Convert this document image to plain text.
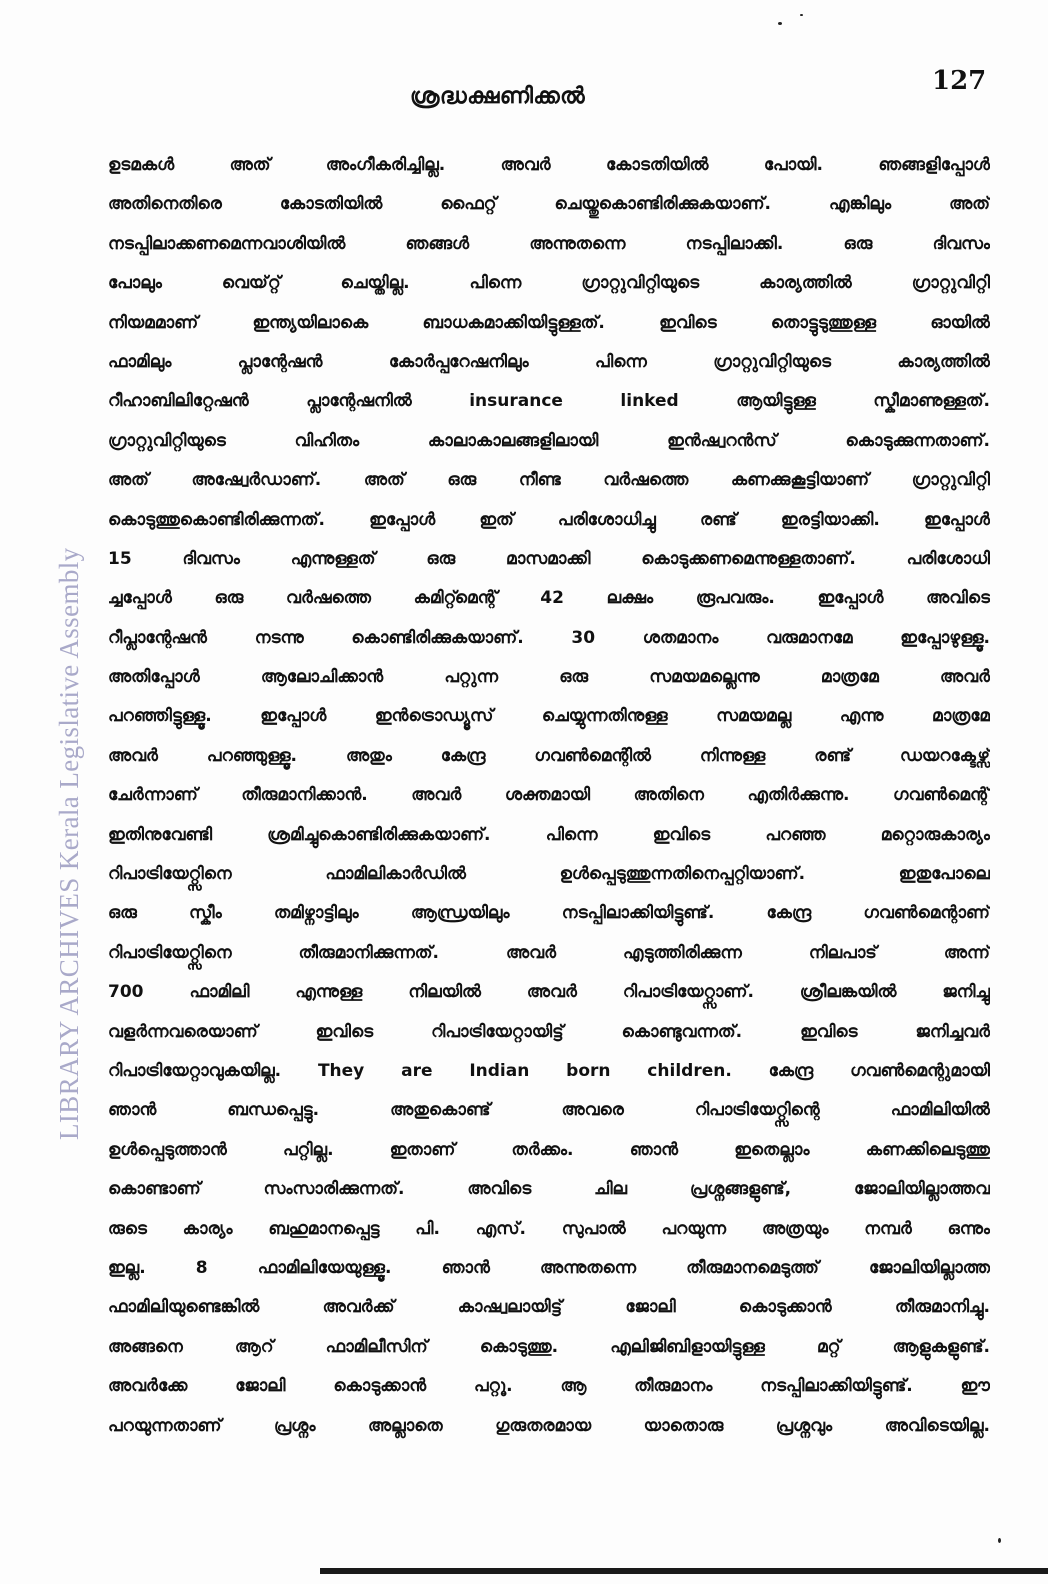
ശ്രദ്ധക്ഷണിക്കൽ
127
LIBRARY ARCHIVES Kerala Legislative Assembly
ഉടമകൾ അത് അംഗീകരിച്ചില്ല. അവർ കോടതിയിൽ പോയി. ഞങ്ങളിപ്പോൾ
അതിനെതിരെ കോടതിയിൽ ഫൈറ്റ് ചെയ്തുകൊണ്ടിരിക്കുകയാണ്. എങ്കിലും അത്
നടപ്പിലാക്കണമെന്നവാശിയിൽ ഞങ്ങൾ അന്നുതന്നെ നടപ്പിലാക്കി. ഒരു ദിവസം
പോലും വെയ്റ്റ് ചെയ്തില്ല. പിന്നെ ഗ്രാറ്റുവിറ്റിയുടെ കാര്യത്തിൽ ഗ്രാറ്റുവിറ്റി
നിയമമാണ് ഇന്ത്യയിലാകെ ബാധകമാക്കിയിട്ടുള്ളത്. ഇവിടെ തൊട്ടുടുത്തുള്ള ഓയിൽ
ഫാമിലും പ്ലാന്റേഷൻ കോർപ്പറേഷനിലും പിന്നെ ഗ്രാറ്റുവിറ്റിയുടെ കാര്യത്തിൽ
റീഹാബിലിറ്റേഷൻ പ്ലാന്റേഷനിൽ insurance linked ആയിട്ടുള്ള സ്കീമാണുള്ളത്.
ഗ്രാറ്റുവിറ്റിയുടെ വിഹിതം കാലാകാലങ്ങളിലായി ഇൻഷ്വറൻസ് കൊടുക്കുന്നതാണ്.
അത് അഷ്വേർഡാണ്. അത് ഒരു നീണ്ട വർഷത്തെ കണക്കുകൂട്ടിയാണ് ഗ്രാറ്റുവിറ്റി
കൊടുത്തുകൊണ്ടിരിക്കുന്നത്. ഇപ്പോൾ ഇത് പരിശോധിച്ചു രണ്ട് ഇരട്ടിയാക്കി. ഇപ്പോൾ
15 ദിവസം എന്നുള്ളത് ഒരു മാസമാക്കി കൊടുക്കണമെന്നുള്ളതാണ്. പരിശോധി
ച്ചപ്പോൾ ഒരു വർഷത്തെ കമിറ്റ്മെന്റ് 42 ലക്ഷം രൂപവരും. ഇപ്പോൾ അവിടെ
റീപ്ലാന്റേഷൻ നടന്നു കൊണ്ടിരിക്കുകയാണ്. 30 ശതമാനം വരുമാനമേ ഇപ്പോഴുള്ളൂ.
അതിപ്പോൾ ആലോചിക്കാൻ പറ്റുന്ന ഒരു സമയമല്ലെന്നു മാത്രമേ അവർ
പറഞ്ഞിട്ടുള്ളൂ. ഇപ്പോൾ ഇൻട്രൊഡ്യൂസ് ചെയ്യുന്നതിനുള്ള സമയമല്ല എന്നു മാത്രമേ
അവർ പറഞ്ഞുള്ളൂ. അതും കേന്ദ്ര ഗവൺമെന്റിൽ നിന്നുള്ള രണ്ട് ഡയറക്ടേഴ്സ്
ചേർന്നാണ് തീരുമാനിക്കാൻ. അവർ ശക്തമായി അതിനെ എതിർക്കുന്നു. ഗവൺമെന്റ്
ഇതിനുവേണ്ടി ശ്രമിച്ചുകൊണ്ടിരിക്കുകയാണ്. പിന്നെ ഇവിടെ പറഞ്ഞ മറ്റൊരുകാര്യം
റിപാട്രിയേറ്റ്സിനെ ഫാമിലികാർഡിൽ ഉൾപ്പെടുത്തുന്നതിനെപ്പറ്റിയാണ്. ഇതുപോലെ
ഒരു സ്കീം തമിഴ്നാട്ടിലും ആന്ധ്രയിലും നടപ്പിലാക്കിയിട്ടുണ്ട്. കേന്ദ്ര ഗവൺമെന്റാണ്
റിപാട്രിയേറ്റ്സിനെ തീരുമാനിക്കുന്നത്. അവർ എടുത്തിരിക്കുന്ന നിലപാട് അന്ന്
700 ഫാമിലി എന്നുള്ള നിലയിൽ അവർ റിപാട്രിയേറ്റ്സാണ്. ശ്രീലങ്കയിൽ ജനിച്ചു
വളർന്നവരെയാണ് ഇവിടെ റിപാട്രിയേറ്റായിട്ട് കൊണ്ടുവന്നത്. ഇവിടെ ജനിച്ചവർ
റിപാട്രിയേറ്റാവുകയില്ല. They are Indian born children. കേന്ദ്ര ഗവൺമെന്റുമായി
ഞാൻ ബന്ധപ്പെട്ടു. അതുകൊണ്ട് അവരെ റിപാട്രിയേറ്റ്സിന്റെ ഫാമിലിയിൽ
ഉൾപ്പെടുത്താൻ പറ്റില്ല. ഇതാണ് തർക്കം. ഞാൻ ഇതെല്ലാം കണക്കിലെടുത്തു
കൊണ്ടാണ് സംസാരിക്കുന്നത്. അവിടെ ചില പ്രശ്നങ്ങളുണ്ട്, ജോലിയില്ലാത്തവ
രുടെ കാര്യം ബഹുമാനപ്പെട്ട പി. എസ്. സുപാൽ പറയുന്ന അത്രയും നമ്പർ ഒന്നും
ഇല്ല. 8 ഫാമിലിയേയുള്ളൂ. ഞാൻ അന്നുതന്നെ തീരുമാനമെടുത്ത് ജോലിയില്ലാത്ത
ഫാമിലിയുണ്ടെങ്കിൽ അവർക്ക് കാഷ്വലായിട്ട് ജോലി കൊടുക്കാൻ തീരുമാനിച്ചു.
അങ്ങനെ ആറ് ഫാമിലീസിന് കൊടുത്തു. എലിജിബിളായിട്ടുള്ള മറ്റ് ആളുകളുണ്ട്.
അവർക്കേ ജോലി കൊടുക്കാൻ പറ്റൂ. ആ തീരുമാനം നടപ്പിലാക്കിയിട്ടുണ്ട്. ഈ
പറയുന്നതാണ് പ്രശ്നം അല്ലാതെ ഗുരുതരമായ യാതൊരു പ്രശ്നവും അവിടെയില്ല.
